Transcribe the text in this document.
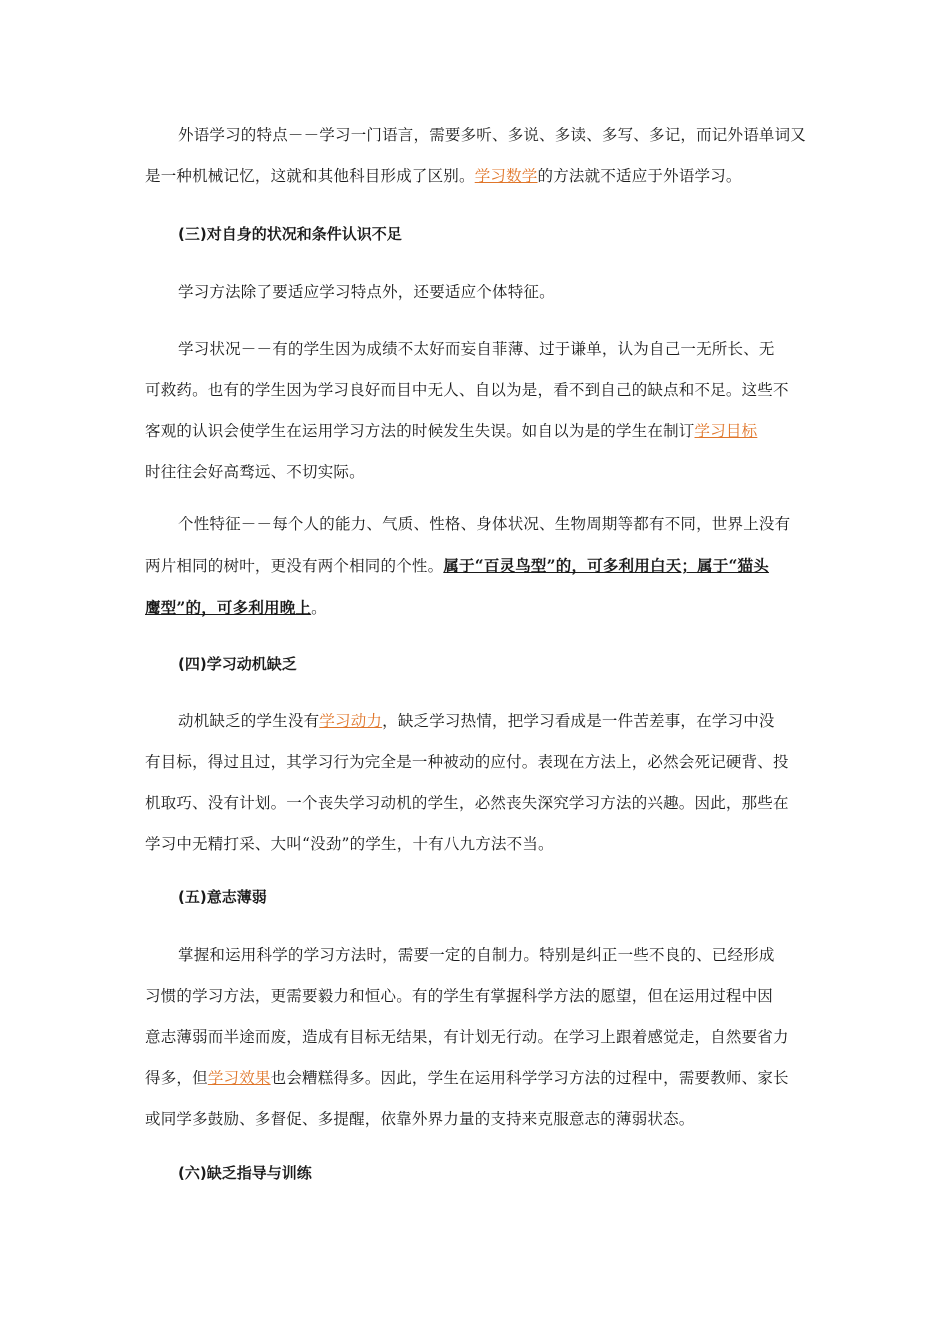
外语学习的特点－－学习一门语言，需要多听、多说、多读、多写、多记，而记外语单词又
是一种机械记忆，这就和其他科目形成了区别。学习数学的方法就不适应于外语学习。
(三)对自身的状况和条件认识不足
学习方法除了要适应学习特点外，还要适应个体特征。
学习状况－－有的学生因为成绩不太好而妄自菲薄、过于谦单，认为自己一无所长、无
可救药。也有的学生因为学习良好而目中无人、自以为是，看不到自己的缺点和不足。这些不
客观的认识会使学生在运用学习方法的时候发生失误。如自以为是的学生在制订学习目标
时往往会好高骛远、不切实际。
个性特征－－每个人的能力、气质、性格、身体状况、生物周期等都有不同，世界上没有
两片相同的树叶，更没有两个相同的个性。属于“百灵鸟型”的，可多利用白天；属于“猫头
鹰型”的，可多利用晚上。
(四)学习动机缺乏
动机缺乏的学生没有学习动力，缺乏学习热情，把学习看成是一件苦差事，在学习中没
有目标，得过且过，其学习行为完全是一种被动的应付。表现在方法上，必然会死记硬背、投
机取巧、没有计划。一个丧失学习动机的学生，必然丧失深究学习方法的兴趣。因此，那些在
学习中无精打采、大叫“没劲”的学生，十有八九方法不当。
(五)意志薄弱
掌握和运用科学的学习方法时，需要一定的自制力。特别是纠正一些不良的、已经形成
习惯的学习方法，更需要毅力和恒心。有的学生有掌握科学方法的愿望，但在运用过程中因
意志薄弱而半途而废，造成有目标无结果，有计划无行动。在学习上跟着感觉走，自然要省力
得多，但学习效果也会糟糕得多。因此，学生在运用科学学习方法的过程中，需要教师、家长
或同学多鼓励、多督促、多提醒，依靠外界力量的支持来克服意志的薄弱状态。
(六)缺乏指导与训练
